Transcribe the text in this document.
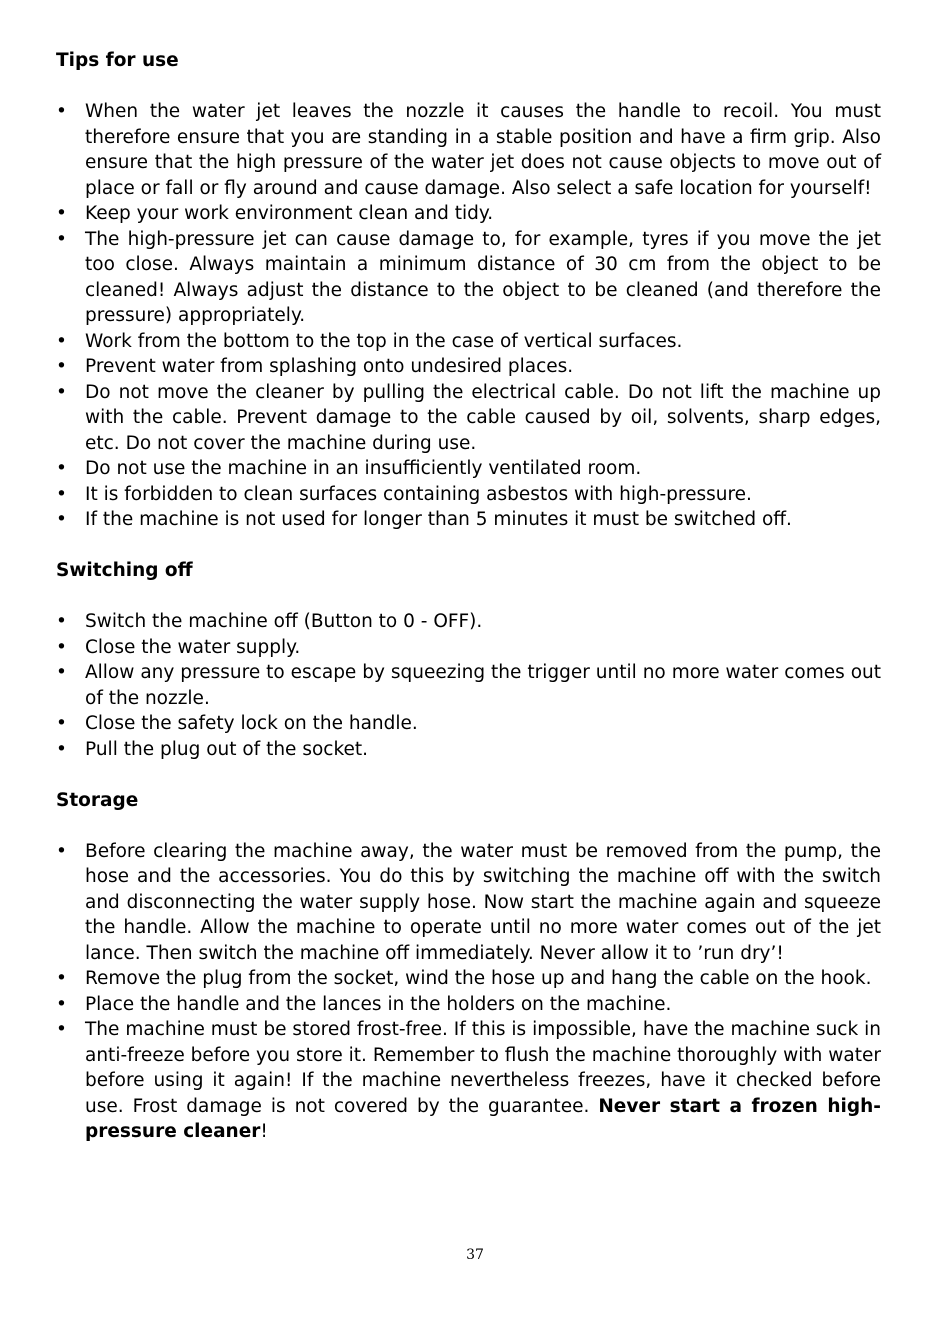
Tips for use
• When the water jet leaves the nozzle it causes the handle to recoil. You must therefore ensure that you are standing in a stable position and have a firm grip. Also ensure that the high pressure of the water jet does not cause objects to move out of place or fall or fly around and cause damage. Also select a safe location for yourself!
• Keep your work environment clean and tidy.
• The high-pressure jet can cause damage to, for example, tyres if you move the jet too close. Always maintain a minimum distance of 30 cm from the object to be cleaned! Always adjust the distance to the object to be cleaned (and therefore the pressure) appropriately.
• Work from the bottom to the top in the case of vertical surfaces.
• Prevent water from splashing onto undesired places.
• Do not move the cleaner by pulling the electrical cable. Do not lift the machine up with the cable. Prevent damage to the cable caused by oil, solvents, sharp edges, etc. Do not cover the machine during use.
• Do not use the machine in an insufficiently ventilated room.
• It is forbidden to clean surfaces containing asbestos with high-pressure.
• If the machine is not used for longer than 5 minutes it must be switched off.
Switching off
• Switch the machine off (Button to 0 - OFF).
• Close the water supply.
• Allow any pressure to escape by squeezing the trigger until no more water comes out of the nozzle.
• Close the safety lock on the handle.
• Pull the plug out of the socket.
Storage
• Before clearing the machine away, the water must be removed from the pump, the hose and the accessories. You do this by switching the machine off with the switch and disconnecting the water supply hose. Now start the machine again and squeeze the handle. Allow the machine to operate until no more water comes out of the jet lance. Then switch the machine off immediately. Never allow it to ’run dry’!
• Remove the plug from the socket, wind the hose up and hang the cable on the hook.
• Place the handle and the lances in the holders on the machine.
• The machine must be stored frost-free. If this is impossible, have the machine suck in anti-freeze before you store it. Remember to flush the machine thoroughly with water before using it again! If the machine nevertheless freezes, have it checked before use. Frost damage is not covered by the guarantee. Never start a frozen high-pressure cleaner!
37
